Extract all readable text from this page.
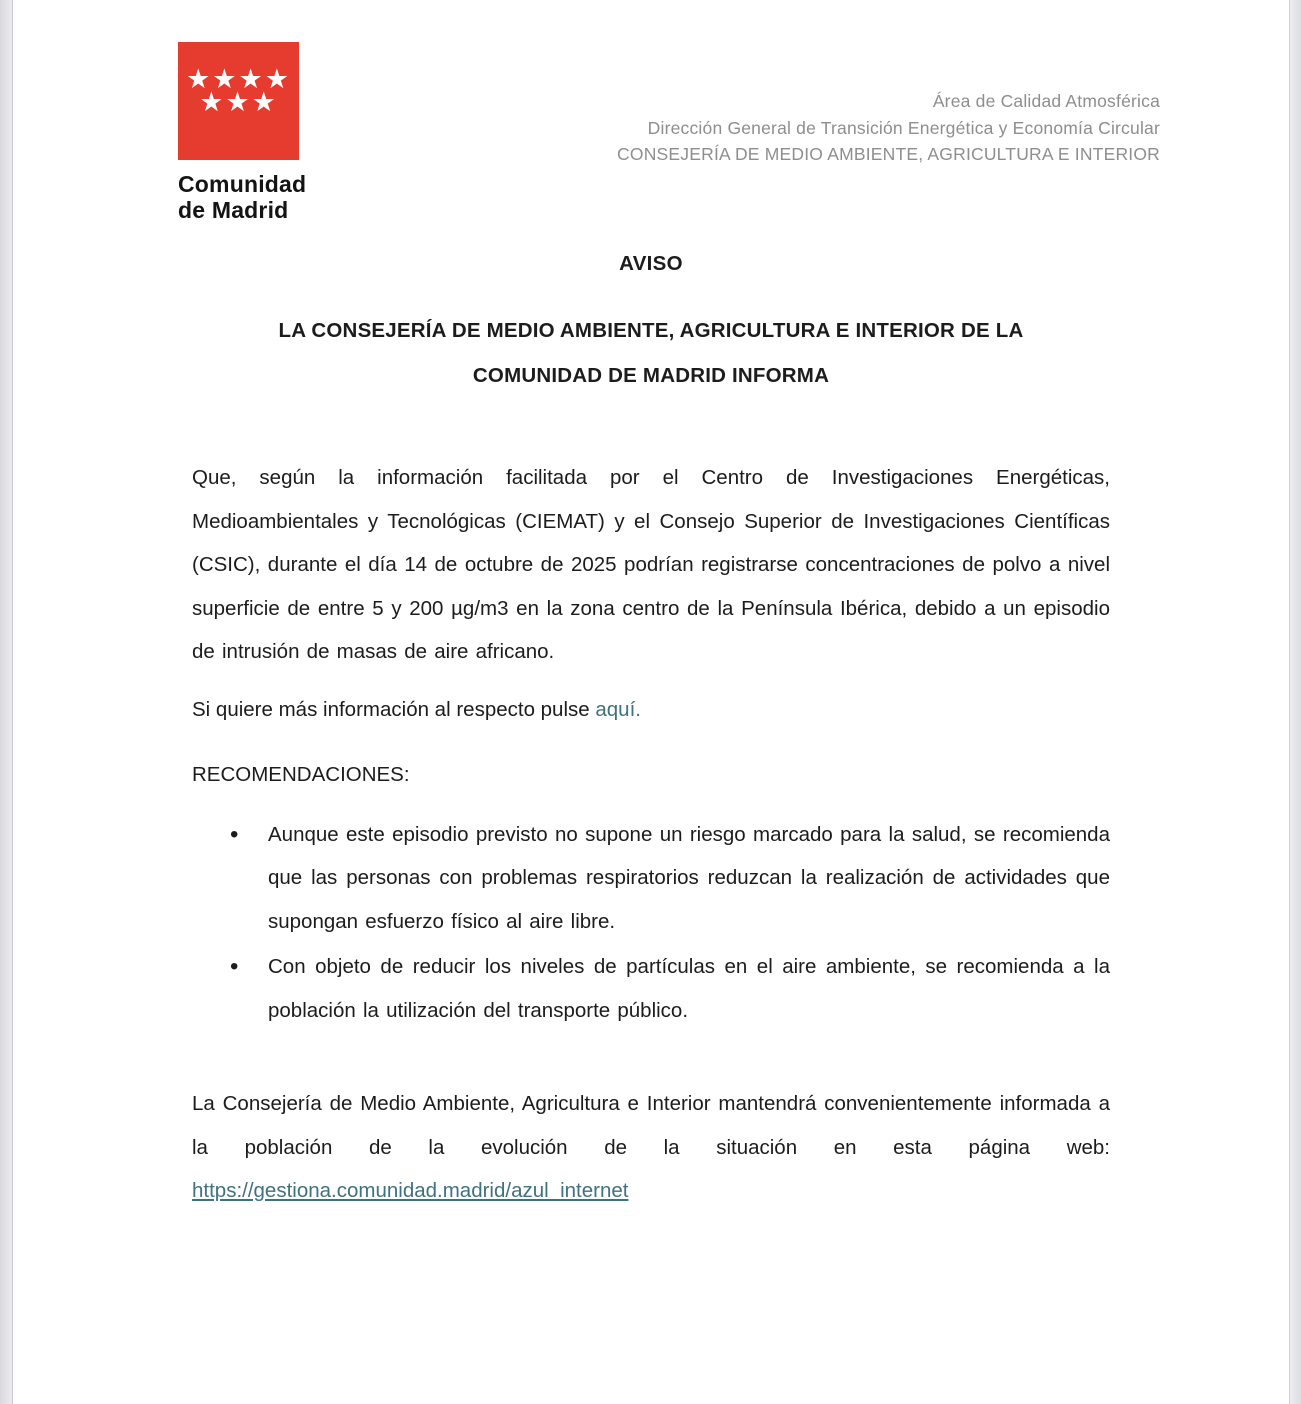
★★★★
★★★
Comunidad
de Madrid
Área de Calidad Atmosférica
Dirección General de Transición Energética y Economía Circular
CONSEJERÍA DE MEDIO AMBIENTE, AGRICULTURA E INTERIOR
AVISO
LA CONSEJERÍA DE MEDIO AMBIENTE, AGRICULTURA E INTERIOR DE LA
COMUNIDAD DE MADRID INFORMA

Que, según la información facilitada por el Centro de Investigaciones Energéticas, Medioambientales y Tecnológicas (CIEMAT) y el Consejo Superior de Investigaciones Científicas (CSIC), durante el día 14 de octubre de 2025 podrían registrarse concentraciones de polvo a nivel superficie de entre 5 y 200 µg/m3 en la zona centro de la Península Ibérica, debido a un episodio de intrusión de masas de aire africano.

Si quiere más información al respecto pulse aquí.

RECOMENDACIONES:

• Aunque este episodio previsto no supone un riesgo marcado para la salud, se recomienda que las personas con problemas respiratorios reduzcan la realización de actividades que supongan esfuerzo físico al aire libre.
• Con objeto de reducir los niveles de partículas en el aire ambiente, se recomienda a la población la utilización del transporte público.

La Consejería de Medio Ambiente, Agricultura e Interior mantendrá convenientemente informada a la población de la evolución de la situación en esta página web: https://gestiona.comunidad.madrid/azul_internet
